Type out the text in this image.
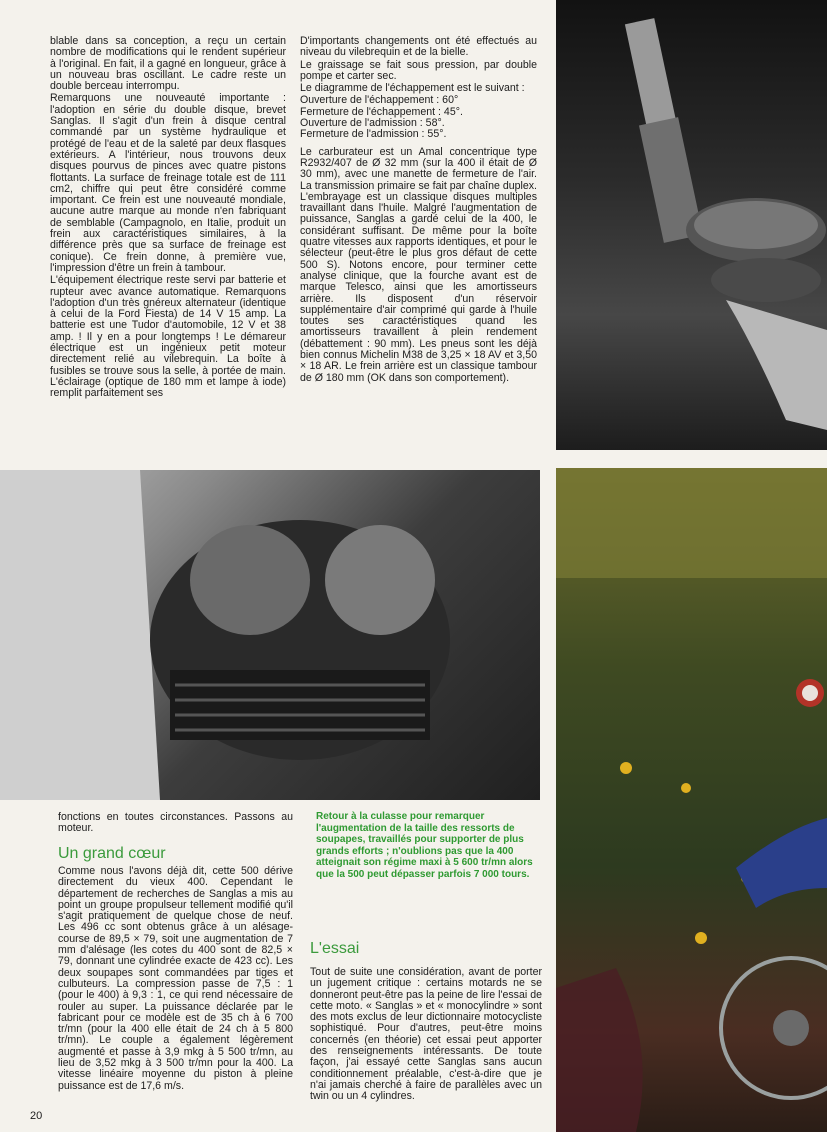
blable dans sa conception, a reçu un certain nombre de modifications qui le rendent supérieur à l'original. En fait, il a gagné en longueur, grâce à un nouveau bras oscillant. Le cadre reste un double berceau interrompu.

Remarquons une nouveauté importante : l'adoption en série du double disque, brevet Sanglas. Il s'agit d'un frein à disque central commandé par un système hydraulique et protégé de l'eau et de la saleté par deux flasques extérieurs. A l'intérieur, nous trouvons deux disques pourvus de pinces avec quatre pistons flottants. La surface de freinage totale est de 111 cm2, chiffre qui peut être considéré comme important. Ce frein est une nouveauté mondiale, aucune autre marque au monde n'en fabriquant de semblable (Campagnolo, en Italie, produit un frein aux caractéristiques similaires, à la différence près que sa surface de freinage est conique). Ce frein donne, à première vue, l'impression d'être un frein à tambour.

L'équipement électrique reste servi par batterie et rupteur avec avance automatique. Remarquons l'adoption d'un très gnéreux alternateur (identique à celui de la Ford Fiesta) de 14 V 15 amp. La batterie est une Tudor d'automobile, 12 V et 38 amp. ! Il y en a pour longtemps ! Le démareur électrique est un ingénieux petit moteur directement relié au vilebrequin. La boîte à fusibles se trouve sous la selle, à portée de main. L'éclairage (optique de 180 mm et lampe à iode) remplit parfaitement ses

D'importants changements ont été effectués au niveau du vilebrequin et de la bielle.

Le graissage se fait sous pression, par double pompe et carter sec.

Le diagramme de l'échappement est le suivant :

Ouverture de l'échappement : 60°

Fermeture de l'échappement : 45°.

Ouverture de l'admission : 58°.

Fermeture de l'admission : 55°.

Le carburateur est un Amal concentrique type R2932/407 de Ø 32 mm (sur la 400 il était de Ø 30 mm), avec une manette de fermeture de l'air. La transmission primaire se fait par chaîne duplex. L'embrayage est un classique disques multiples travaillant dans l'huile. Malgré l'augmentation de puissance, Sanglas a gardé celui de la 400, le considérant suffisant. De même pour la boîte quatre vitesses aux rapports identiques, et pour le sélecteur (peut-être le plus gros défaut de cette 500 S). Notons encore, pour terminer cette analyse clinique, que la fourche avant est de marque Telesco, ainsi que les amortisseurs arrière. Ils disposent d'un réservoir supplémentaire d'air comprimé qui garde à l'huile toutes ses caractéristiques quand les amortisseurs travaillent à plein rendement (débattement : 90 mm). Les pneus sont les déjà bien connus Michelin M38 de 3,25 × 18 AV et 3,50 × 18 AR. Le frein arrière est un classique tambour de Ø 180 mm (OK dans son comportement).

fonctions en toutes circonstances. Passons au moteur.

Un grand cœur

Comme nous l'avons déjà dit, cette 500 dérive directement du vieux 400. Cependant le département de recherches de Sanglas a mis au point un groupe propulseur tellement modifié qu'il s'agit pratiquement de quelque chose de neuf. Les 496 cc sont obtenus grâce à un alésage-course de 89,5 × 79, soit une augmentation de 7 mm d'alésage (les cotes du 400 sont de 82,5 × 79, donnant une cylindrée exacte de 423 cc). Les deux soupapes sont commandées par tiges et culbuteurs. La compression passe de 7,5 : 1 (pour le 400) à 9,3 : 1, ce qui rend nécessaire de rouler au super. La puissance déclarée par le fabricant pour ce modèle est de 35 ch à 6 700 tr/mn (pour la 400 elle était de 24 ch à 5 800 tr/mn). Le couple a également légèrement augmenté et passe à 3,9 mkg à 5 500 tr/mn, au lieu de 3,52 mkg à 3 500 tr/mn pour la 400. La vitesse linéaire moyenne du piston à pleine puissance est de 17,6 m/s.

Retour à la culasse pour remarquer l'augmentation de la taille des ressorts de soupapes, travaillés pour supporter de plus grands efforts ; n'oublions pas que la 400 atteignait son régime maxi à 5 600 tr/mn alors que la 500 peut dépasser parfois 7 000 tours.
L'essai

Tout de suite une considération, avant de porter un jugement critique : certains motards ne se donneront peut-être pas la peine de lire l'essai de cette moto. « Sanglas » et « monocylindre » sont des mots exclus de leur dictionnaire motocycliste sophistiqué. Pour d'autres, peut-être moins concernés (en théorie) cet essai peut apporter des renseignements intéressants. De toute façon, j'ai essayé cette Sanglas sans aucun conditionnement préalable, c'est-à-dire que je n'ai jamais cherché à faire de parallèles avec un twin ou un 4 cylindres.

20
